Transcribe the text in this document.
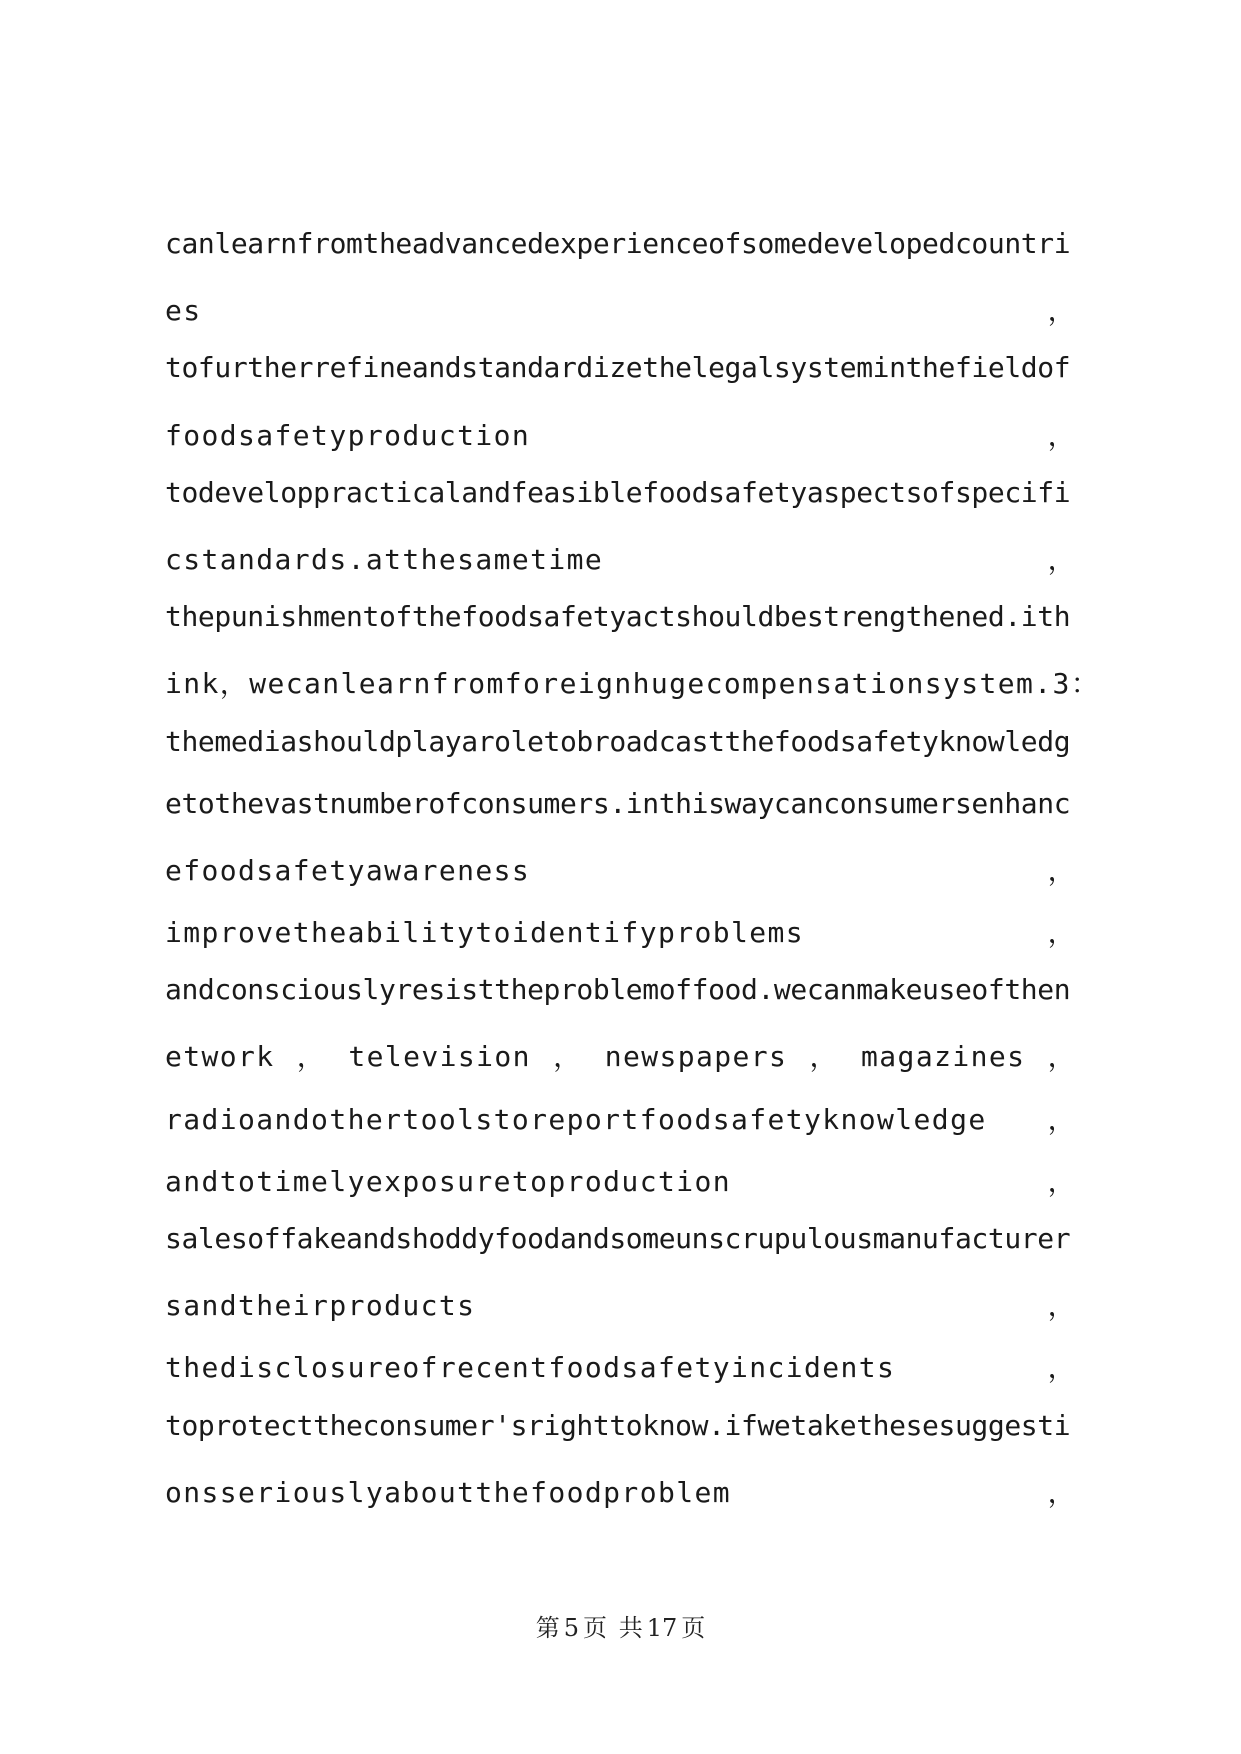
canlearnfromtheadvancedexperienceofsomedevelopedcountri
es	，
tofurtherrefineandstandardizethelegalsysteminthefieldof
foodsafetyproduction	，
todeveloppracticalandfeasiblefoodsafetyaspectsofspecifi
cstandards.atthesametime	，
thepunishmentofthefoodsafetyactshouldbestrengthened.ith
ink ， wecanlearnfromforeignhugecompensationsystem.3 ：
themediashouldplayaroletobroadcastthefoodsafetyknowledg
etothevastnumberofconsumers.inthiswaycanconsumersenhanc
efoodsafetyawareness	，
improvetheabilitytoidentifyproblems	，
andconsciouslyresisttheproblemoffood.wecanmakeuseofthen
etwork ， television ， newspapers ， magazines ，
radioandothertoolstoreportfoodsafetyknowledge ，
andtotimelyexposuretoproduction	，
salesoffakeandshoddyfoodandsomeunscrupulousmanufacturer
sandtheirproducts	，
thedisclosureofrecentfoodsafetyincidents	，
toprotecttheconsumer'srighttoknow.ifwetakethesesuggesti
onsseriouslyaboutthefoodproblem	，
第 5 页 共 17 页
